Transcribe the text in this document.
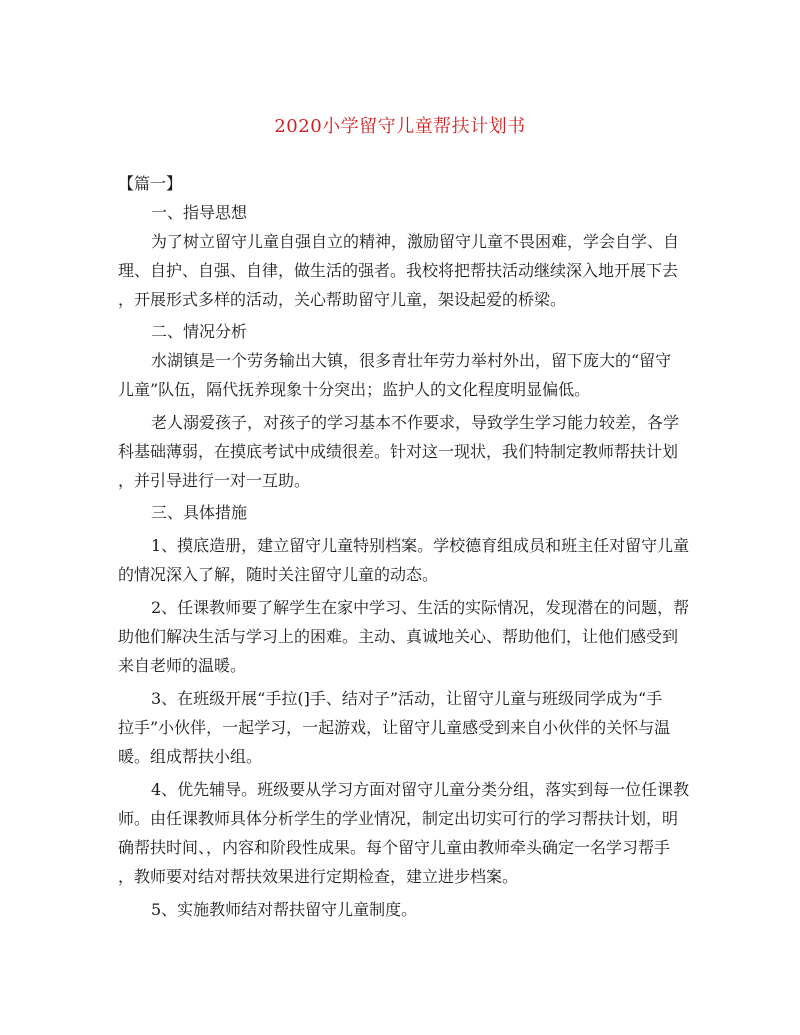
2020小学留守儿童帮扶计划书
【篇一】
一、指导思想
为了树立留守儿童自强自立的精神，激励留守儿童不畏困难，学会自学、自
理、自护、自强、自律，做生活的强者。我校将把帮扶活动继续深入地开展下去
，开展形式多样的活动，关心帮助留守儿童，架设起爱的桥梁。
二、情况分析
水湖镇是一个劳务输出大镇，很多青壮年劳力举村外出，留下庞大的“留守
儿童”队伍，隔代抚养现象十分突出；监护人的文化程度明显偏低。
老人溺爱孩子，对孩子的学习基本不作要求，导致学生学习能力较差，各学
科基础薄弱，在摸底考试中成绩很差。针对这一现状，我们特制定教师帮扶计划
，并引导进行一对一互助。
三、具体措施
1、摸底造册，建立留守儿童特别档案。学校德育组成员和班主任对留守儿童
的情况深入了解，随时关注留守儿童的动态。
2、任课教师要了解学生在家中学习、生活的实际情况，发现潜在的问题，帮
助他们解决生活与学习上的困难。主动、真诚地关心、帮助他们，让他们感受到
来自老师的温暖。
3、在班级开展“手拉(]手、结对子”活动，让留守儿童与班级同学成为“手
拉手”小伙伴，一起学习，一起游戏，让留守儿童感受到来自小伙伴的关怀与温
暖。组成帮扶小组。
4、优先辅导。班级要从学习方面对留守儿童分类分组，落实到每一位任课教
师。由任课教师具体分析学生的学业情况，制定出切实可行的学习帮扶计划，明
确帮扶时间、，内容和阶段性成果。每个留守儿童由教师牵头确定一名学习帮手
，教师要对结对帮扶效果进行定期检查，建立进步档案。
5、实施教师结对帮扶留守儿童制度。
